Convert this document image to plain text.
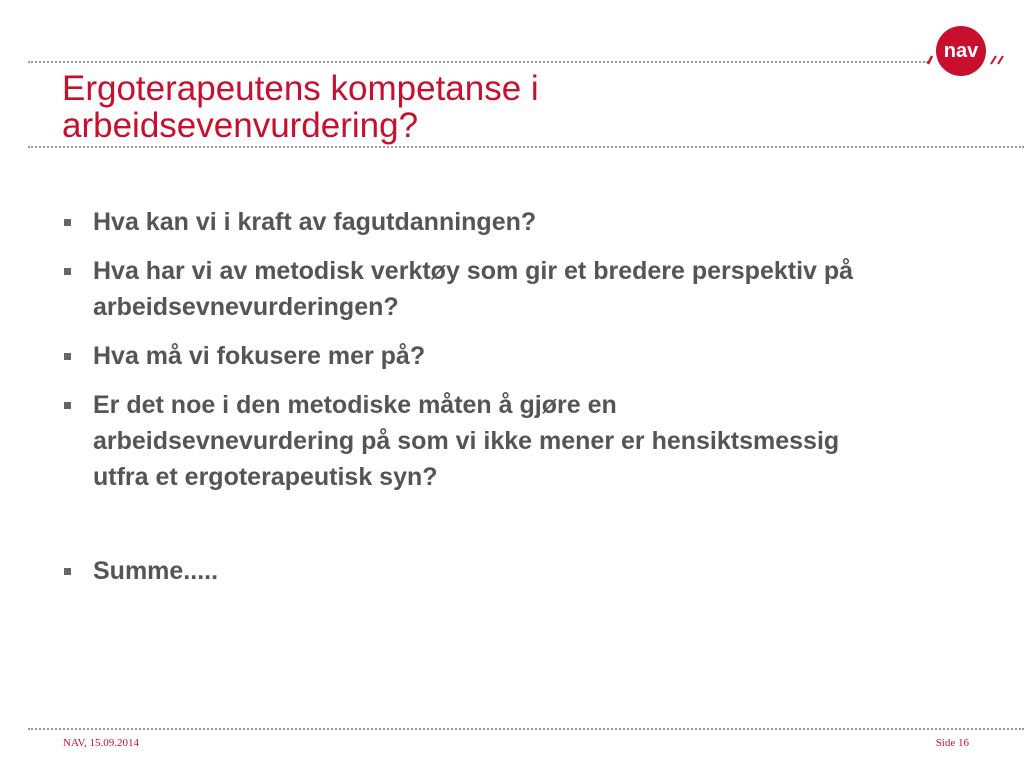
nav
Ergoterapeutens kompetanse i arbeidsevenvurdering?
Hva kan vi i kraft av fagutdanningen?
Hva har vi av metodisk verktøy som gir et bredere perspektiv på arbeidsevnevurderingen?
Hva må vi fokusere mer på?
Er det noe i den metodiske måten å gjøre en arbeidsevnevurdering på som vi ikke mener er hensiktsmessig utfra et ergoterapeutisk syn?
Summe.....
NAV, 15.09.2014	Side 16
